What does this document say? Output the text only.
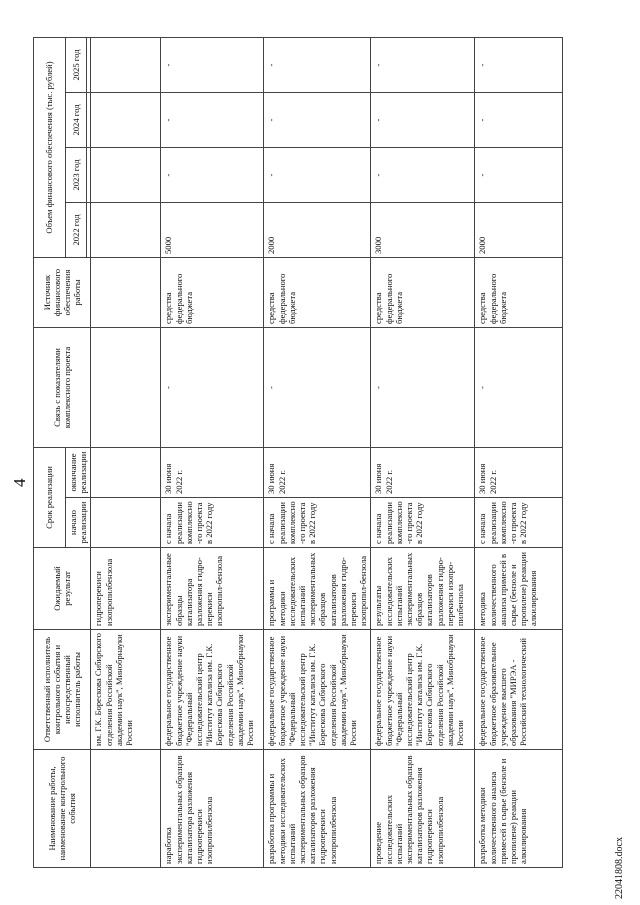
4
Наименование работы, наименование контрольного события	Ответственный исполнитель контрольного события и непосредственный исполнитель работы	Ожидаемый результат	Срок реализации		Связь с показателями комплексного проекта	Источник финансового обеспечения работы	Объем финансового обеспечения (тыс. рублей)			
			начало реализации	окончание реализации			2022 год	2023 год	2024 год	2025 год

	им. Г.К. Борескова Сибирского отделения Российской академии наук", Минобрнауки России	гидроперекиси изопропилбензола								
наработка экспериментальных образцов катализатора разложения гидроперекиси изопропилбензола	федеральное государственное бюджетное учреждение науки "Федеральный исследовательский центр "Институт катализа им. Г.К. Борескова Сибирского отделения Российской академии наук", Минобрнауки России	экспериментальные образцы катализатора разложения гидро-перекиси изопропил-бензола	с начала реализации комплексно-го проекта в 2022 году	30 июня 2022 г.	-	средства федерального бюджета	5000	-	-	-
разработка программы и методики исследовательских испытаний экспериментальных образцов катализаторов разложения гидроперекиси изопропилбензола	федеральное государственное бюджетное учреждение науки "Федеральный исследовательский центр "Институт катализа им. Г.К. Борескова Сибирского отделения Российской академии наук", Минобрнауки России	программа и методики исследовательских испытаний экспериментальных образцов катализаторов разложения гидро-перекиси изопропил-бензола	с начала реализации комплексно-го проекта в 2022 году	30 июня 2022 г.	-	средства федерального бюджета	2000	-	-	-
проведение исследовательских испытаний экспериментальных образцов катализаторов разложения гидроперекиси изопропилбензола	федеральное государственное бюджетное учреждение науки "Федеральный исследовательский центр "Институт катализа им. Г.К. Борескова Сибирского отделения Российской академии наук", Минобрнауки России	результаты исследовательских испытаний экспериментальных образцов катализаторов разложения гидро-перекиси изопро-пилбензола	с начала реализации комплексно-го проекта в 2022 году	30 июня 2022 г.	-	средства федерального бюджета	3000	-	-	-
разработка методики количественного анализа примесей в сырье (бензоле и пропилене) реакции алкилирования	федеральное государственное бюджетное образовательное учреждение высшего образования "МИРЭА - Российский технологический	методика количественного анализа примесей в сырье (бензоле и пропилене) реакции алкилирования	с начала реализации комплексно-го проекта в 2022 году	30 июня 2022 г.	-	средства федерального бюджета	2000	-	-	-
22041808.docx
